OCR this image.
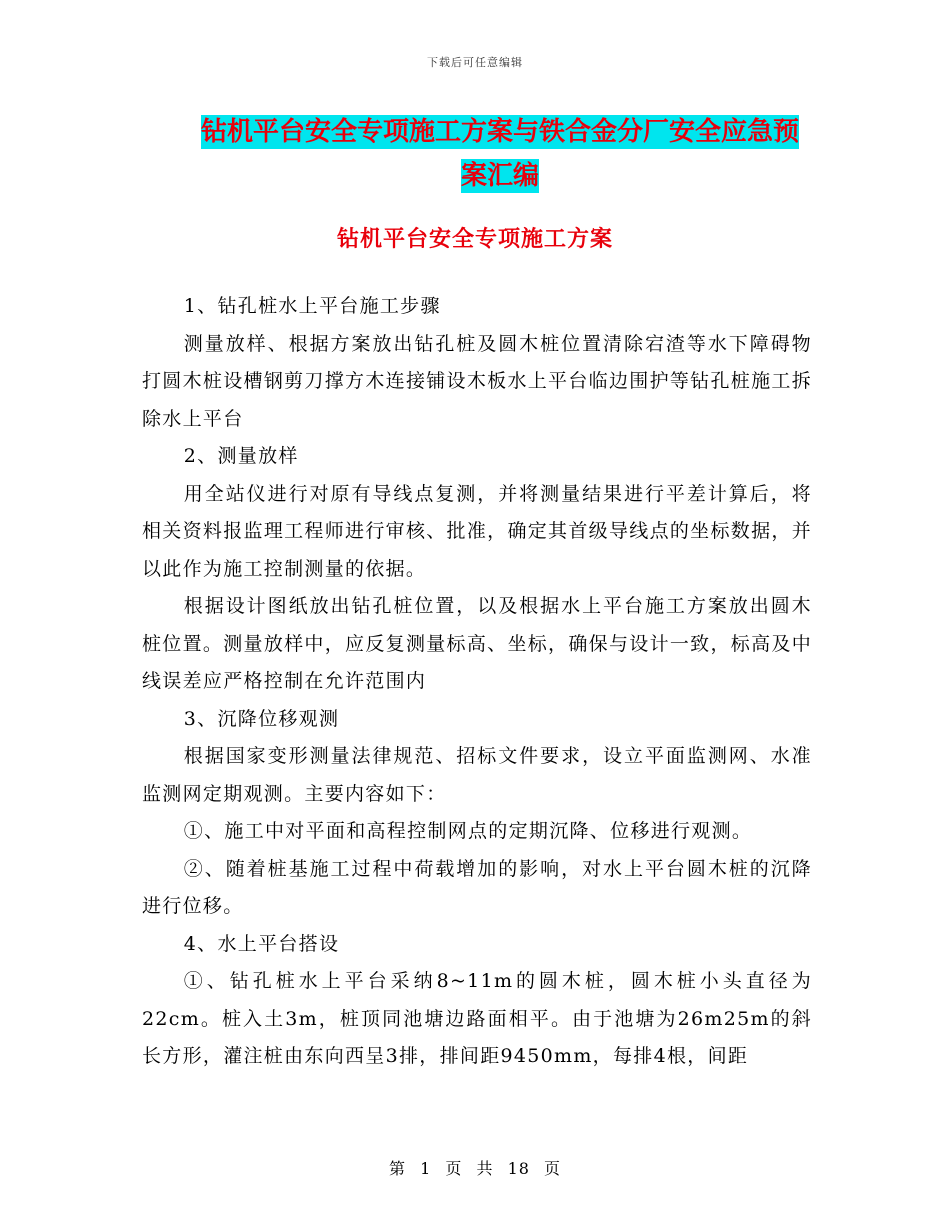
下载后可任意编辑
钻机平台安全专项施工方案与铁合金分厂安全应急预
案汇编
钻机平台安全专项施工方案

1、钻孔桩水上平台施工步骤

测量放样、根据方案放出钻孔桩及圆木桩位置清除宕渣等水下障碍物打圆木桩设槽钢剪刀撑方木连接铺设木板水上平台临边围护等钻孔桩施工拆除水上平台

2、测量放样

用全站仪进行对原有导线点复测，并将测量结果进行平差计算后，将相关资料报监理工程师进行审核、批准，确定其首级导线点的坐标数据，并以此作为施工控制测量的依据。

根据设计图纸放出钻孔桩位置，以及根据水上平台施工方案放出圆木桩位置。测量放样中，应反复测量标高、坐标，确保与设计一致，标高及中线误差应严格控制在允许范围内

3、沉降位移观测

根据国家变形测量法律规范、招标文件要求，设立平面监测网、水准监测网定期观测。主要内容如下：

①、施工中对平面和高程控制网点的定期沉降、位移进行观测。

②、随着桩基施工过程中荷载增加的影响，对水上平台圆木桩的沉降进行位移。

4、水上平台搭设

①、钻孔桩水上平台采纳8~11m的圆木桩，圆木桩小头直径为22cm。桩入土3m，桩顶同池塘边路面相平。由于池塘为26m25m的斜长方形，灌注桩由东向西呈3排，排间距9450mm，每排4根，间距

第 1 页 共 18 页
